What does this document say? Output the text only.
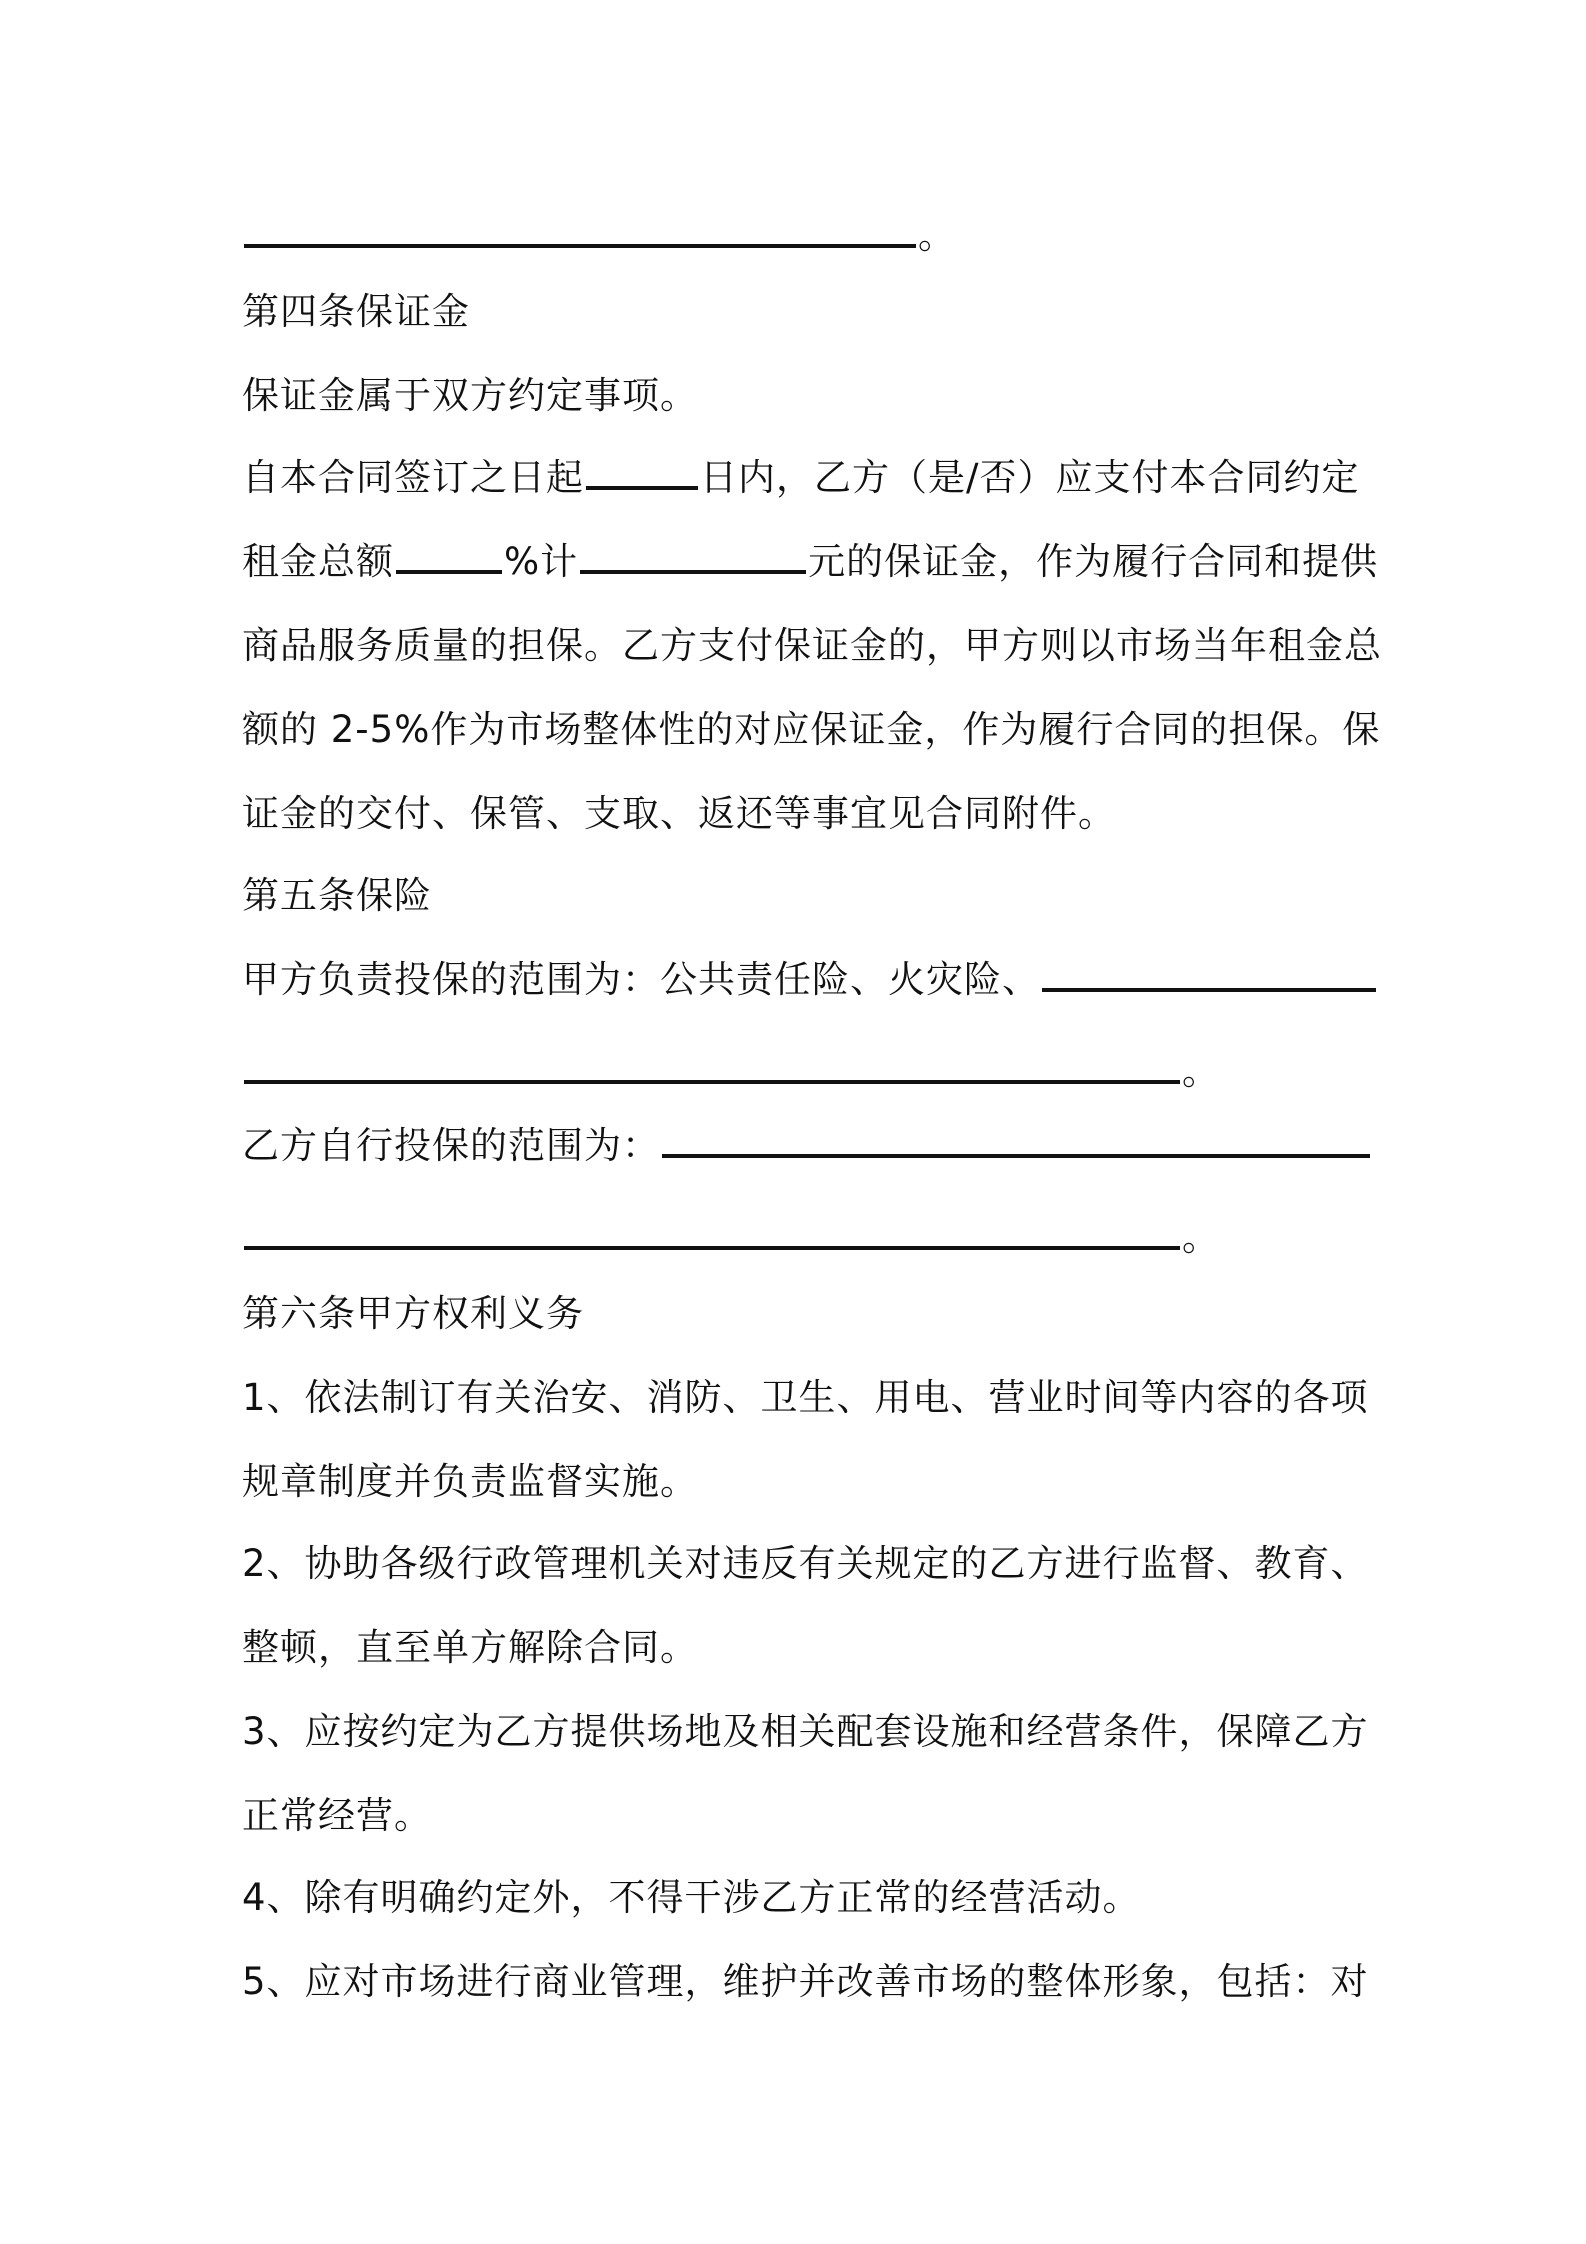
。
第四条保证金
保证金属于双方约定事项。
自本合同签订之日起	日内，乙方（是/否）应支付本合同约定
租金总额	%计	元的保证金，作为履行合同和提供
商品服务质量的担保。乙方支付保证金的，甲方则以市场当年租金总
额的 2-5%作为市场整体性的对应保证金，作为履行合同的担保。保
证金的交付、保管、支取、返还等事宜见合同附件。
第五条保险
甲方负责投保的范围为：公共责任险、火灾险、
。
乙方自行投保的范围为：
。
第六条甲方权利义务
1、依法制订有关治安、消防、卫生、用电、营业时间等内容的各项
规章制度并负责监督实施。
2、协助各级行政管理机关对违反有关规定的乙方进行监督、教育、
整顿，直至单方解除合同。
3、应按约定为乙方提供场地及相关配套设施和经营条件，保障乙方
正常经营。
4、除有明确约定外，不得干涉乙方正常的经营活动。
5、应对市场进行商业管理，维护并改善市场的整体形象，包括：对
